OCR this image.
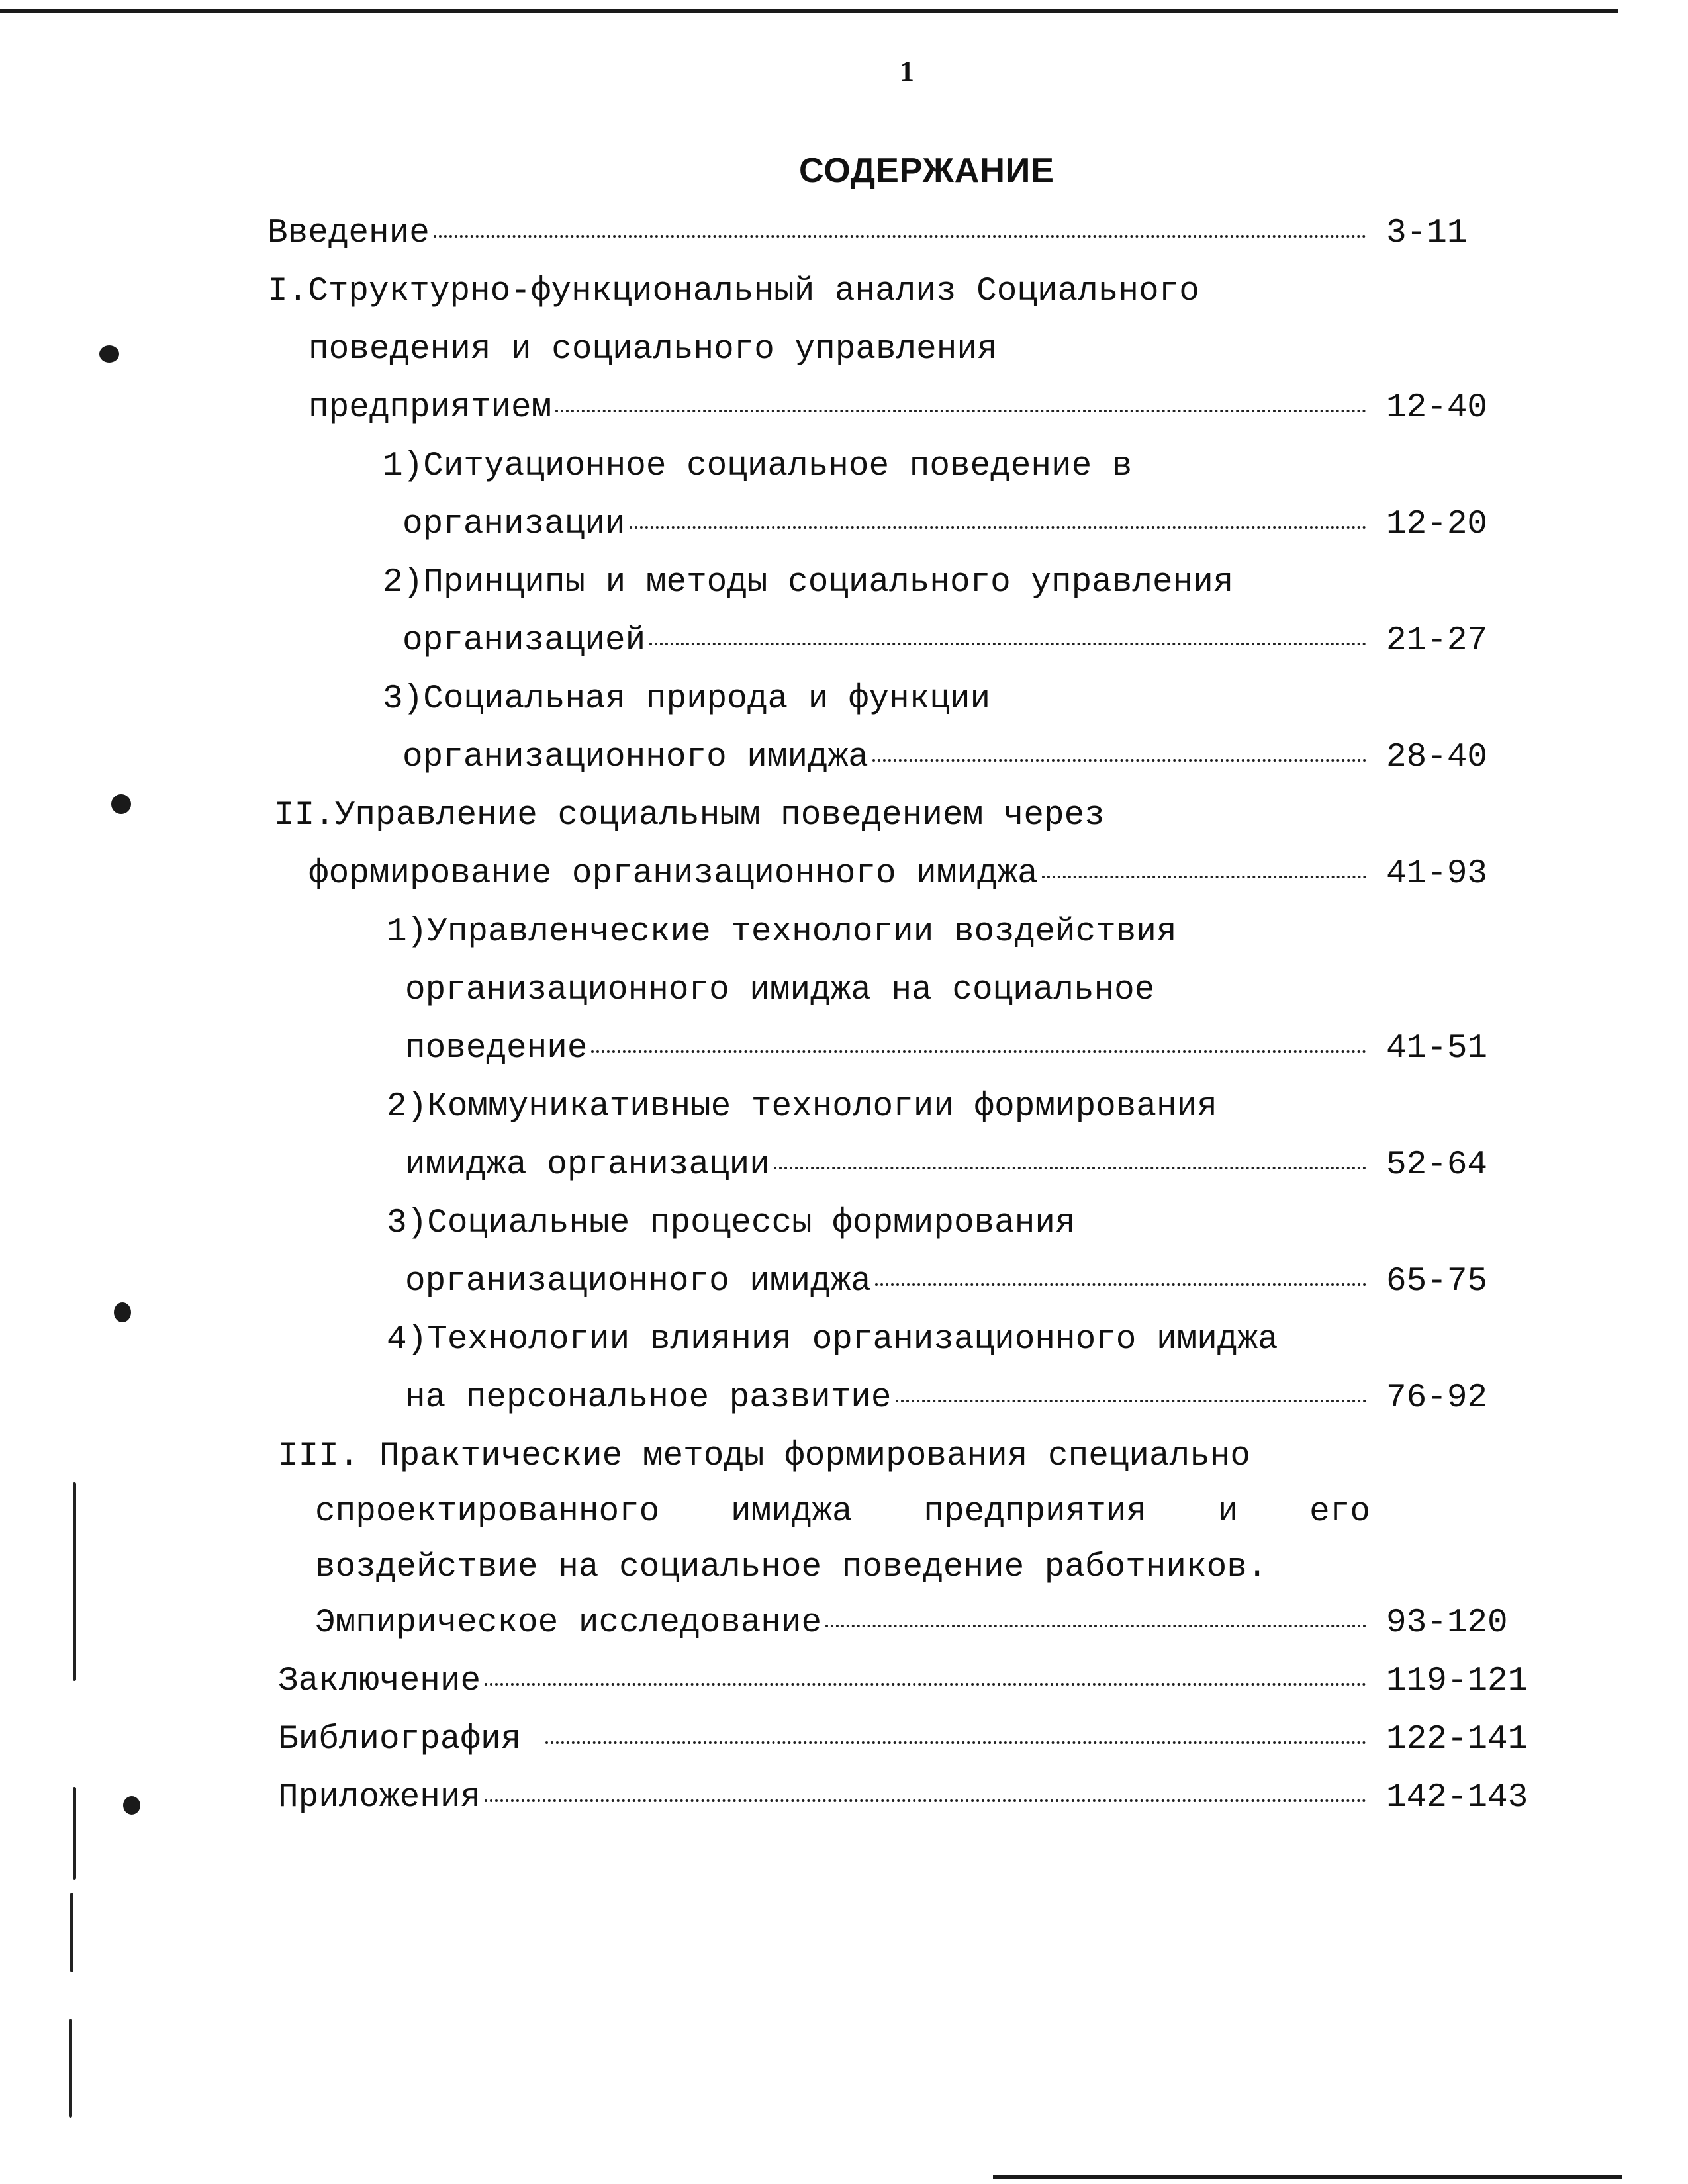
1
СОДЕРЖАНИЕ
Введение	3-11
I.Структурно-функциональный анализ Социального
поведения и социального управления
предприятием	12-40
1)Ситуационное социальное поведение в
организации	12-20
2)Принципы и методы социального управления
организацией	21-27
3)Социальная природа и функции
организационного имиджа	28-40
II.Управление социальным поведением через
формирование организационного имиджа	41-93
1)Управленческие технологии воздействия
организационного имиджа на социальное
поведение	41-51
2)Коммуникативные технологии формирования
имиджа организации	52-64
3)Социальные процессы формирования
организационного имиджа	65-75
4)Технологии влияния организационного имиджа
на персональное развитие	76-92
III. Практические методы формирования специально
спроектированного имиджа предприятия и его
воздействие на социальное поведение работников.
Эмпирическое исследование	93-120
Заключение	119-121
Библиография	122-141
Приложения	142-143
